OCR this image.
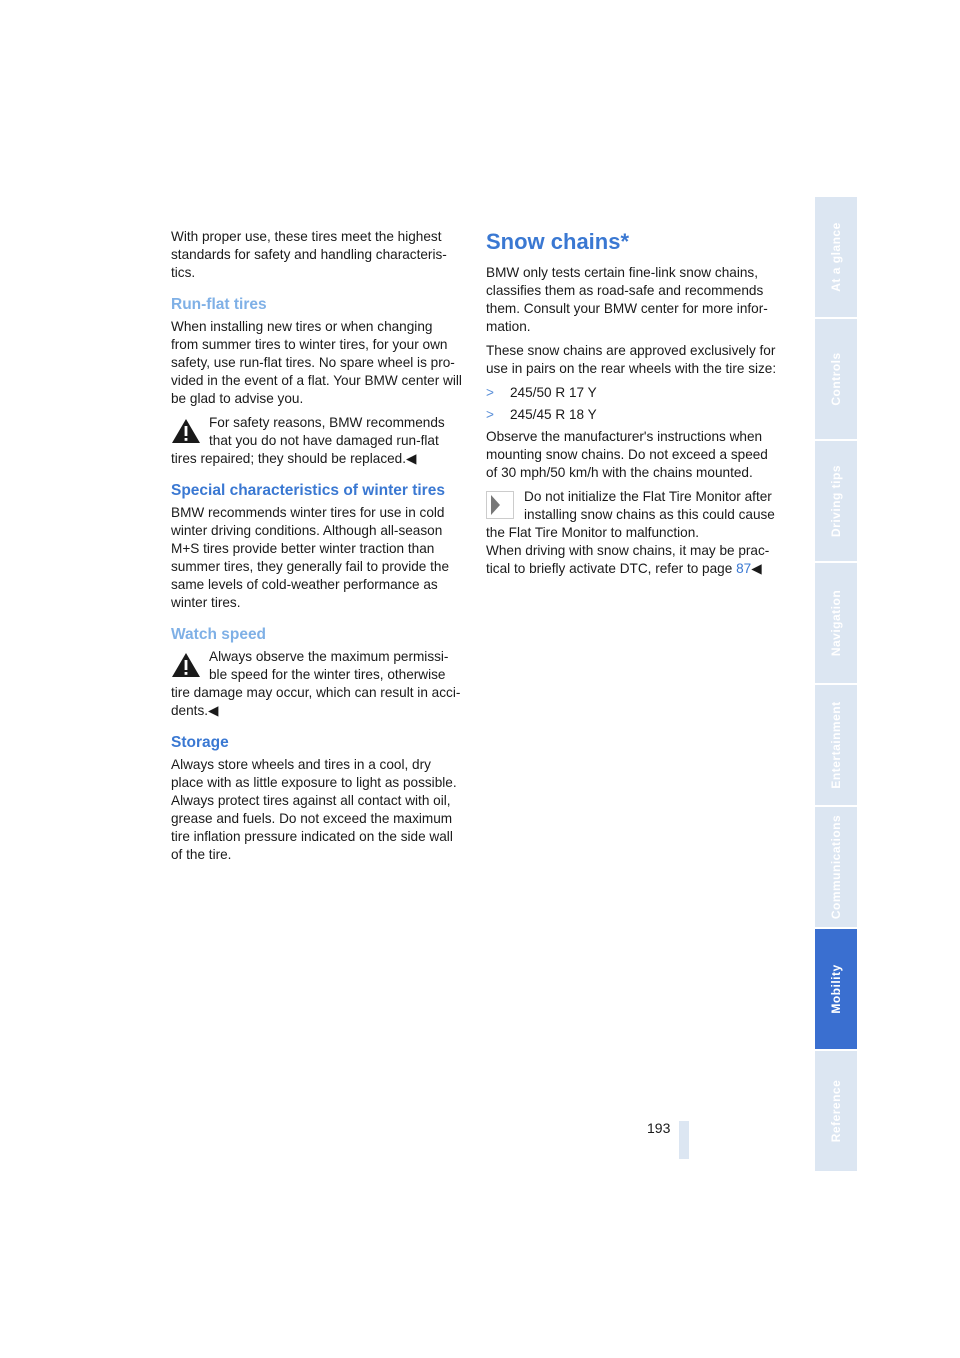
With proper use, these tires meet the highest standards for safety and handling characteris-tics.

Run-flat tires

When installing new tires or when changing from summer tires to winter tires, for your own safety, use run-flat tires. No spare wheel is pro-vided in the event of a flat. Your BMW center will be glad to advise you.

For safety reasons, BMW recommends that you do not have damaged run-flat tires repaired; they should be replaced.◀
Special characteristics of winter tires

BMW recommends winter tires for use in cold winter driving conditions. Although all-season M+S tires provide better winter traction than summer tires, they generally fail to provide the same levels of cold-weather performance as winter tires.

Watch speed
Always observe the maximum permissi-ble speed for the winter tires, otherwise tire damage may occur, which can result in acci-dents.◀
Storage

Always store wheels and tires in a cool, dry place with as little exposure to light as possible. Always protect tires against all contact with oil, grease and fuels. Do not exceed the maximum tire inflation pressure indicated on the side wall of the tire.

Snow chains*

BMW only tests certain fine-link snow chains, classifies them as road-safe and recommends them. Consult your BMW center for more infor-mation.

These snow chains are approved exclusively for use in pairs on the rear wheels with the tire size:

> 245/50 R 17 Y
> 245/45 R 18 Y

Observe the manufacturer's instructions when mounting snow chains. Do not exceed a speed of 30 mph/50 km/h with the chains mounted.

Do not initialize the Flat Tire Monitor after installing snow chains as this could cause the Flat Tire Monitor to malfunction.
When driving with snow chains, it may be prac-tical to briefly activate DTC, refer to page 87◀
At a glance
Controls
Driving tips
Navigation
Entertainment
Communications
Mobility
Reference
193
